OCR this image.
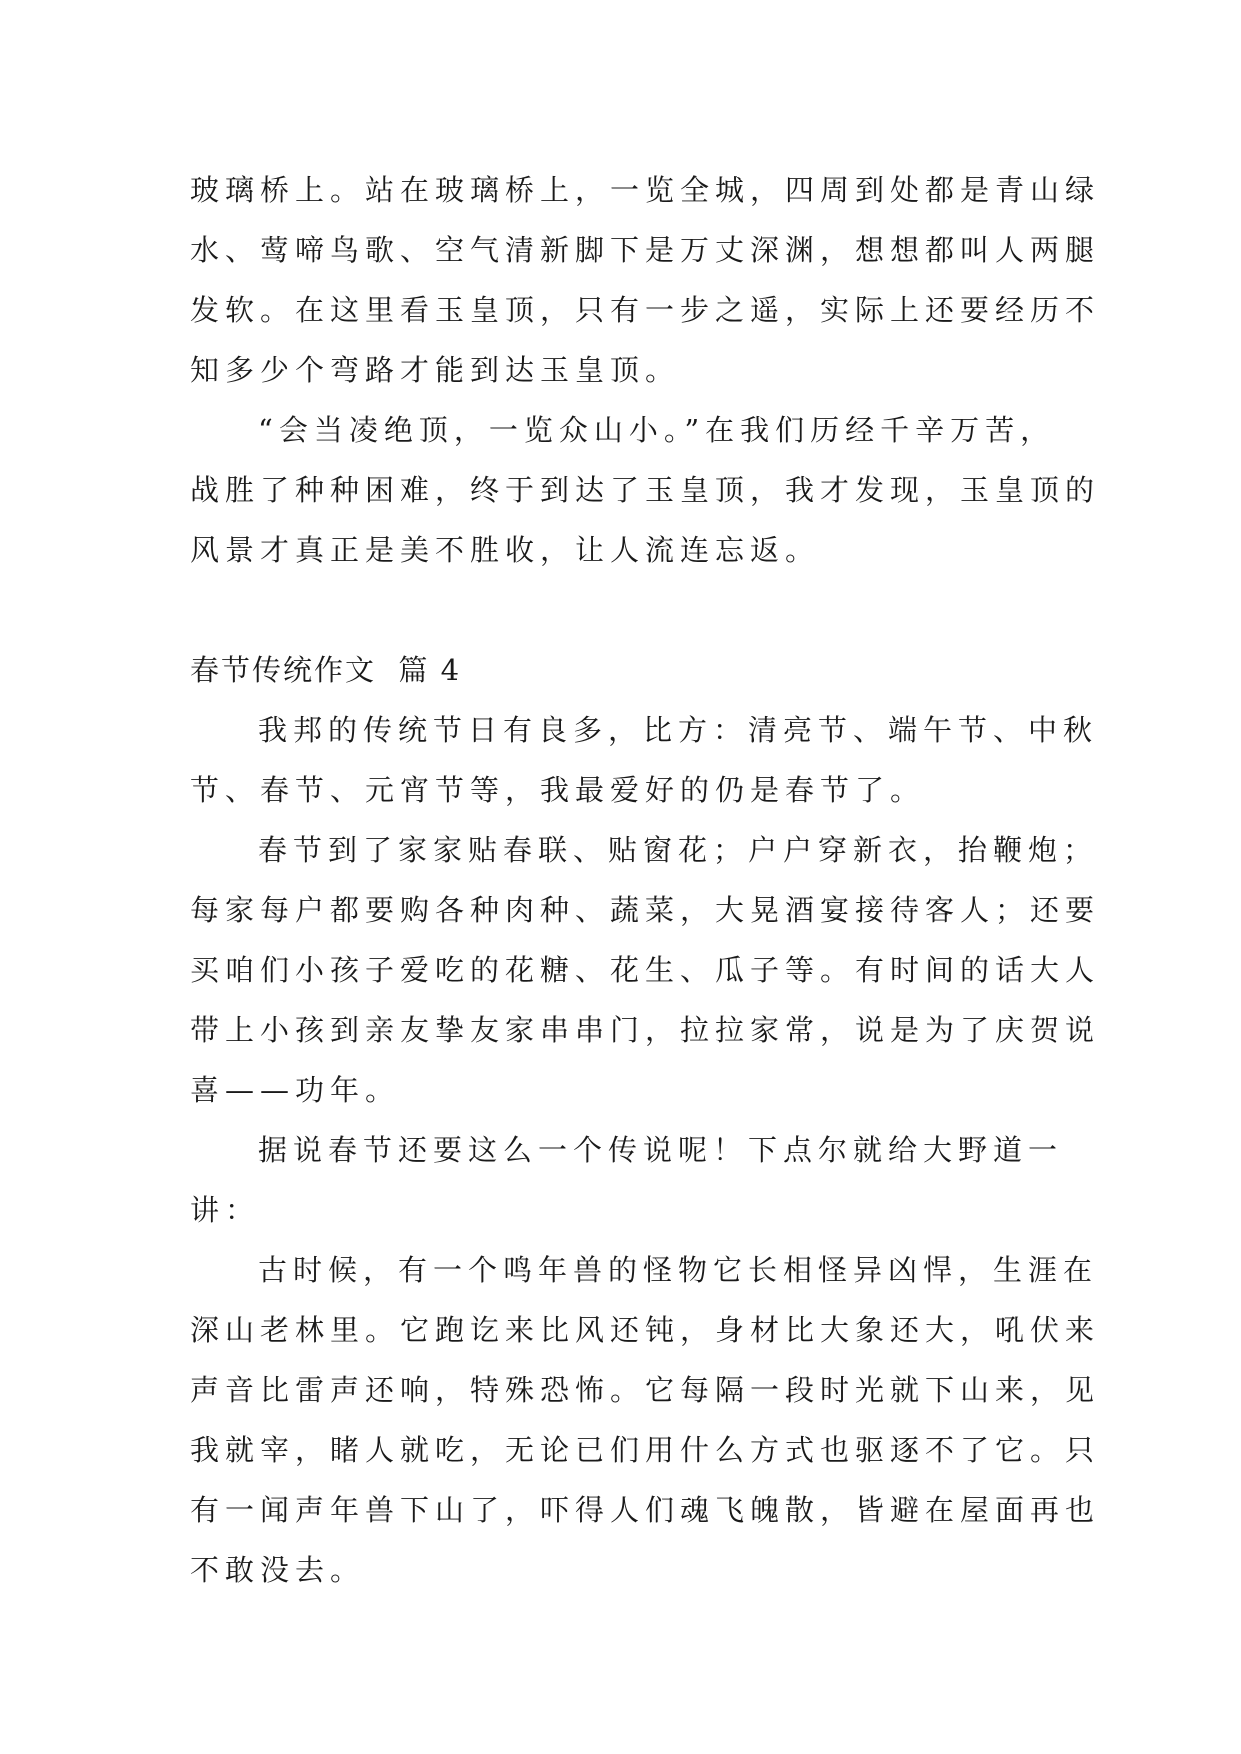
玻璃桥上。站在玻璃桥上，一览全城，四周到处都是青山绿
水、莺啼鸟歌、空气清新脚下是万丈深渊，想想都叫人两腿
发软。在这里看玉皇顶，只有一步之遥，实际上还要经历不
知多少个弯路才能到达玉皇顶。
“会当凌绝顶，一览众山小。”在我们历经千辛万苦，
战胜了种种困难，终于到达了玉皇顶，我才发现，玉皇顶的
风景才真正是美不胜收，让人流连忘返。
春节传统作文  篇 4
我邦的传统节日有良多，比方：清亮节、端午节、中秋
节、春节、元宵节等，我最爱好的仍是春节了。
春节到了家家贴春联、贴窗花；户户穿新衣，抬鞭炮；
每家每户都要购各种肉种、蔬菜，大晃酒宴接待客人；还要
买咱们小孩子爱吃的花糖、花生、瓜子等。有时间的话大人
带上小孩到亲友挚友家串串门，拉拉家常，说是为了庆贺说
喜——功年。
据说春节还要这么一个传说呢！下点尔就给大野道一
讲：
古时候，有一个鸣年兽的怪物它长相怪异凶悍，生涯在
深山老林里。它跑讫来比风还钝，身材比大象还大，吼伏来
声音比雷声还响，特殊恐怖。它每隔一段时光就下山来，见
我就宰，睹人就吃，无论已们用什么方式也驱逐不了它。只
有一闻声年兽下山了，吓得人们魂飞魄散，皆避在屋面再也
不敢没去。
